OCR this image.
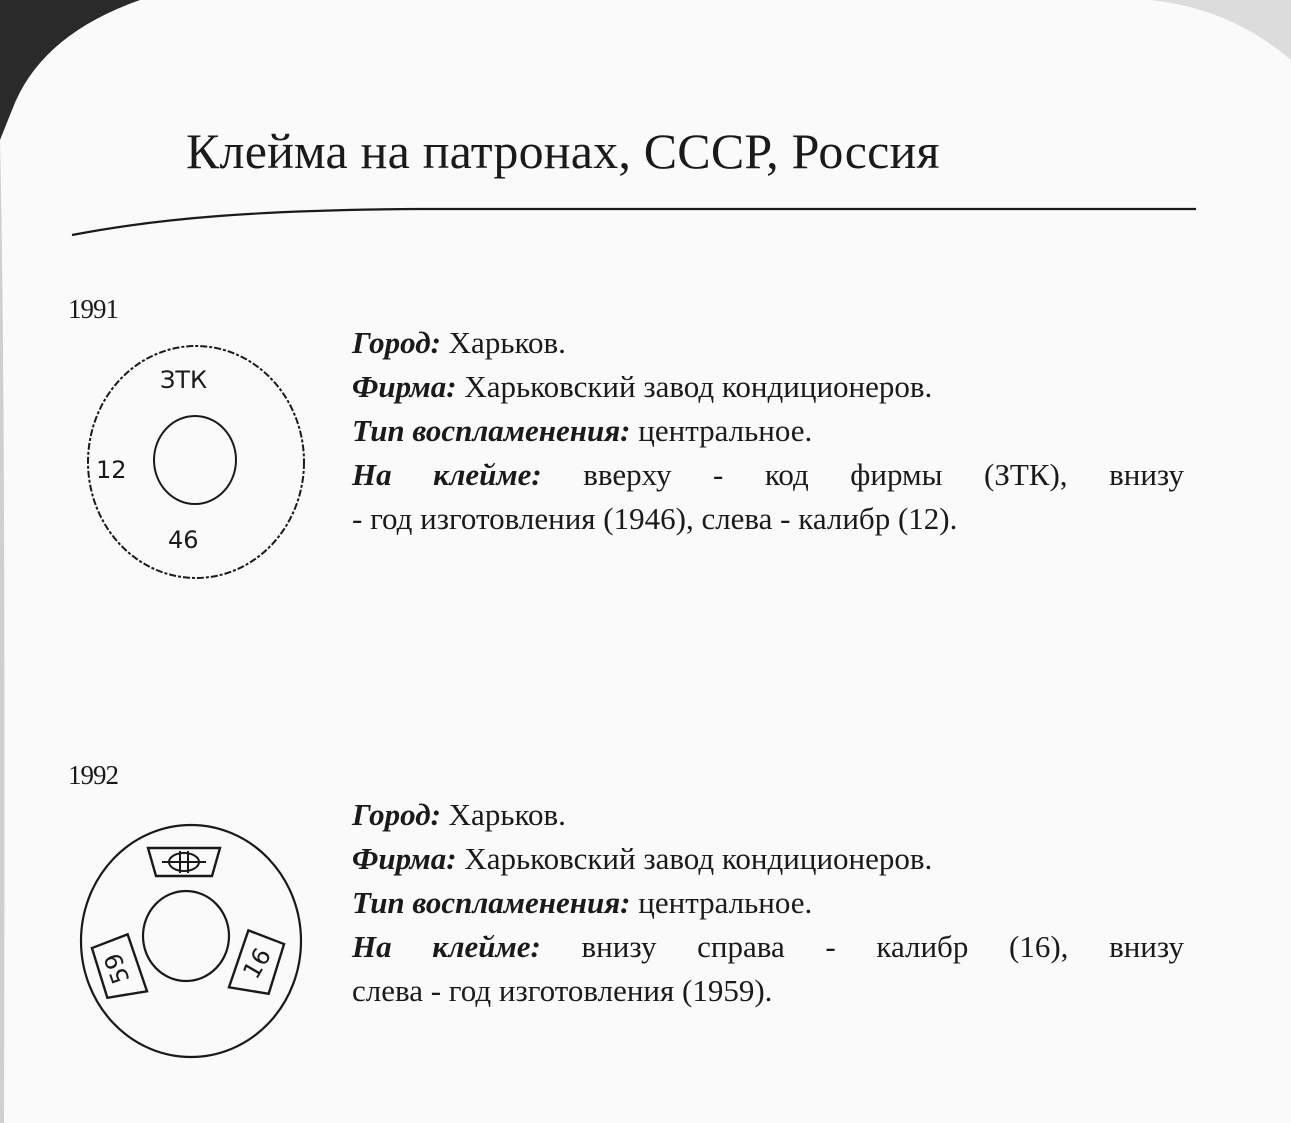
Клейма на патронах, СССР, Россия
1991
ЗТК
12
46
Город: Харьков.
Фирма: Харьковский завод кондиционеров.
Тип воспламенения: центральное.
На клейме: вверху - код фирмы (ЗТК), внизу
- год изготовления (1946), слева - калибр (12).
1992
59	16
Город: Харьков.
Фирма: Харьковский завод кондиционеров.
Тип воспламенения: центральное.
На клейме: внизу справа - калибр (16), внизу
слева - год изготовления (1959).
